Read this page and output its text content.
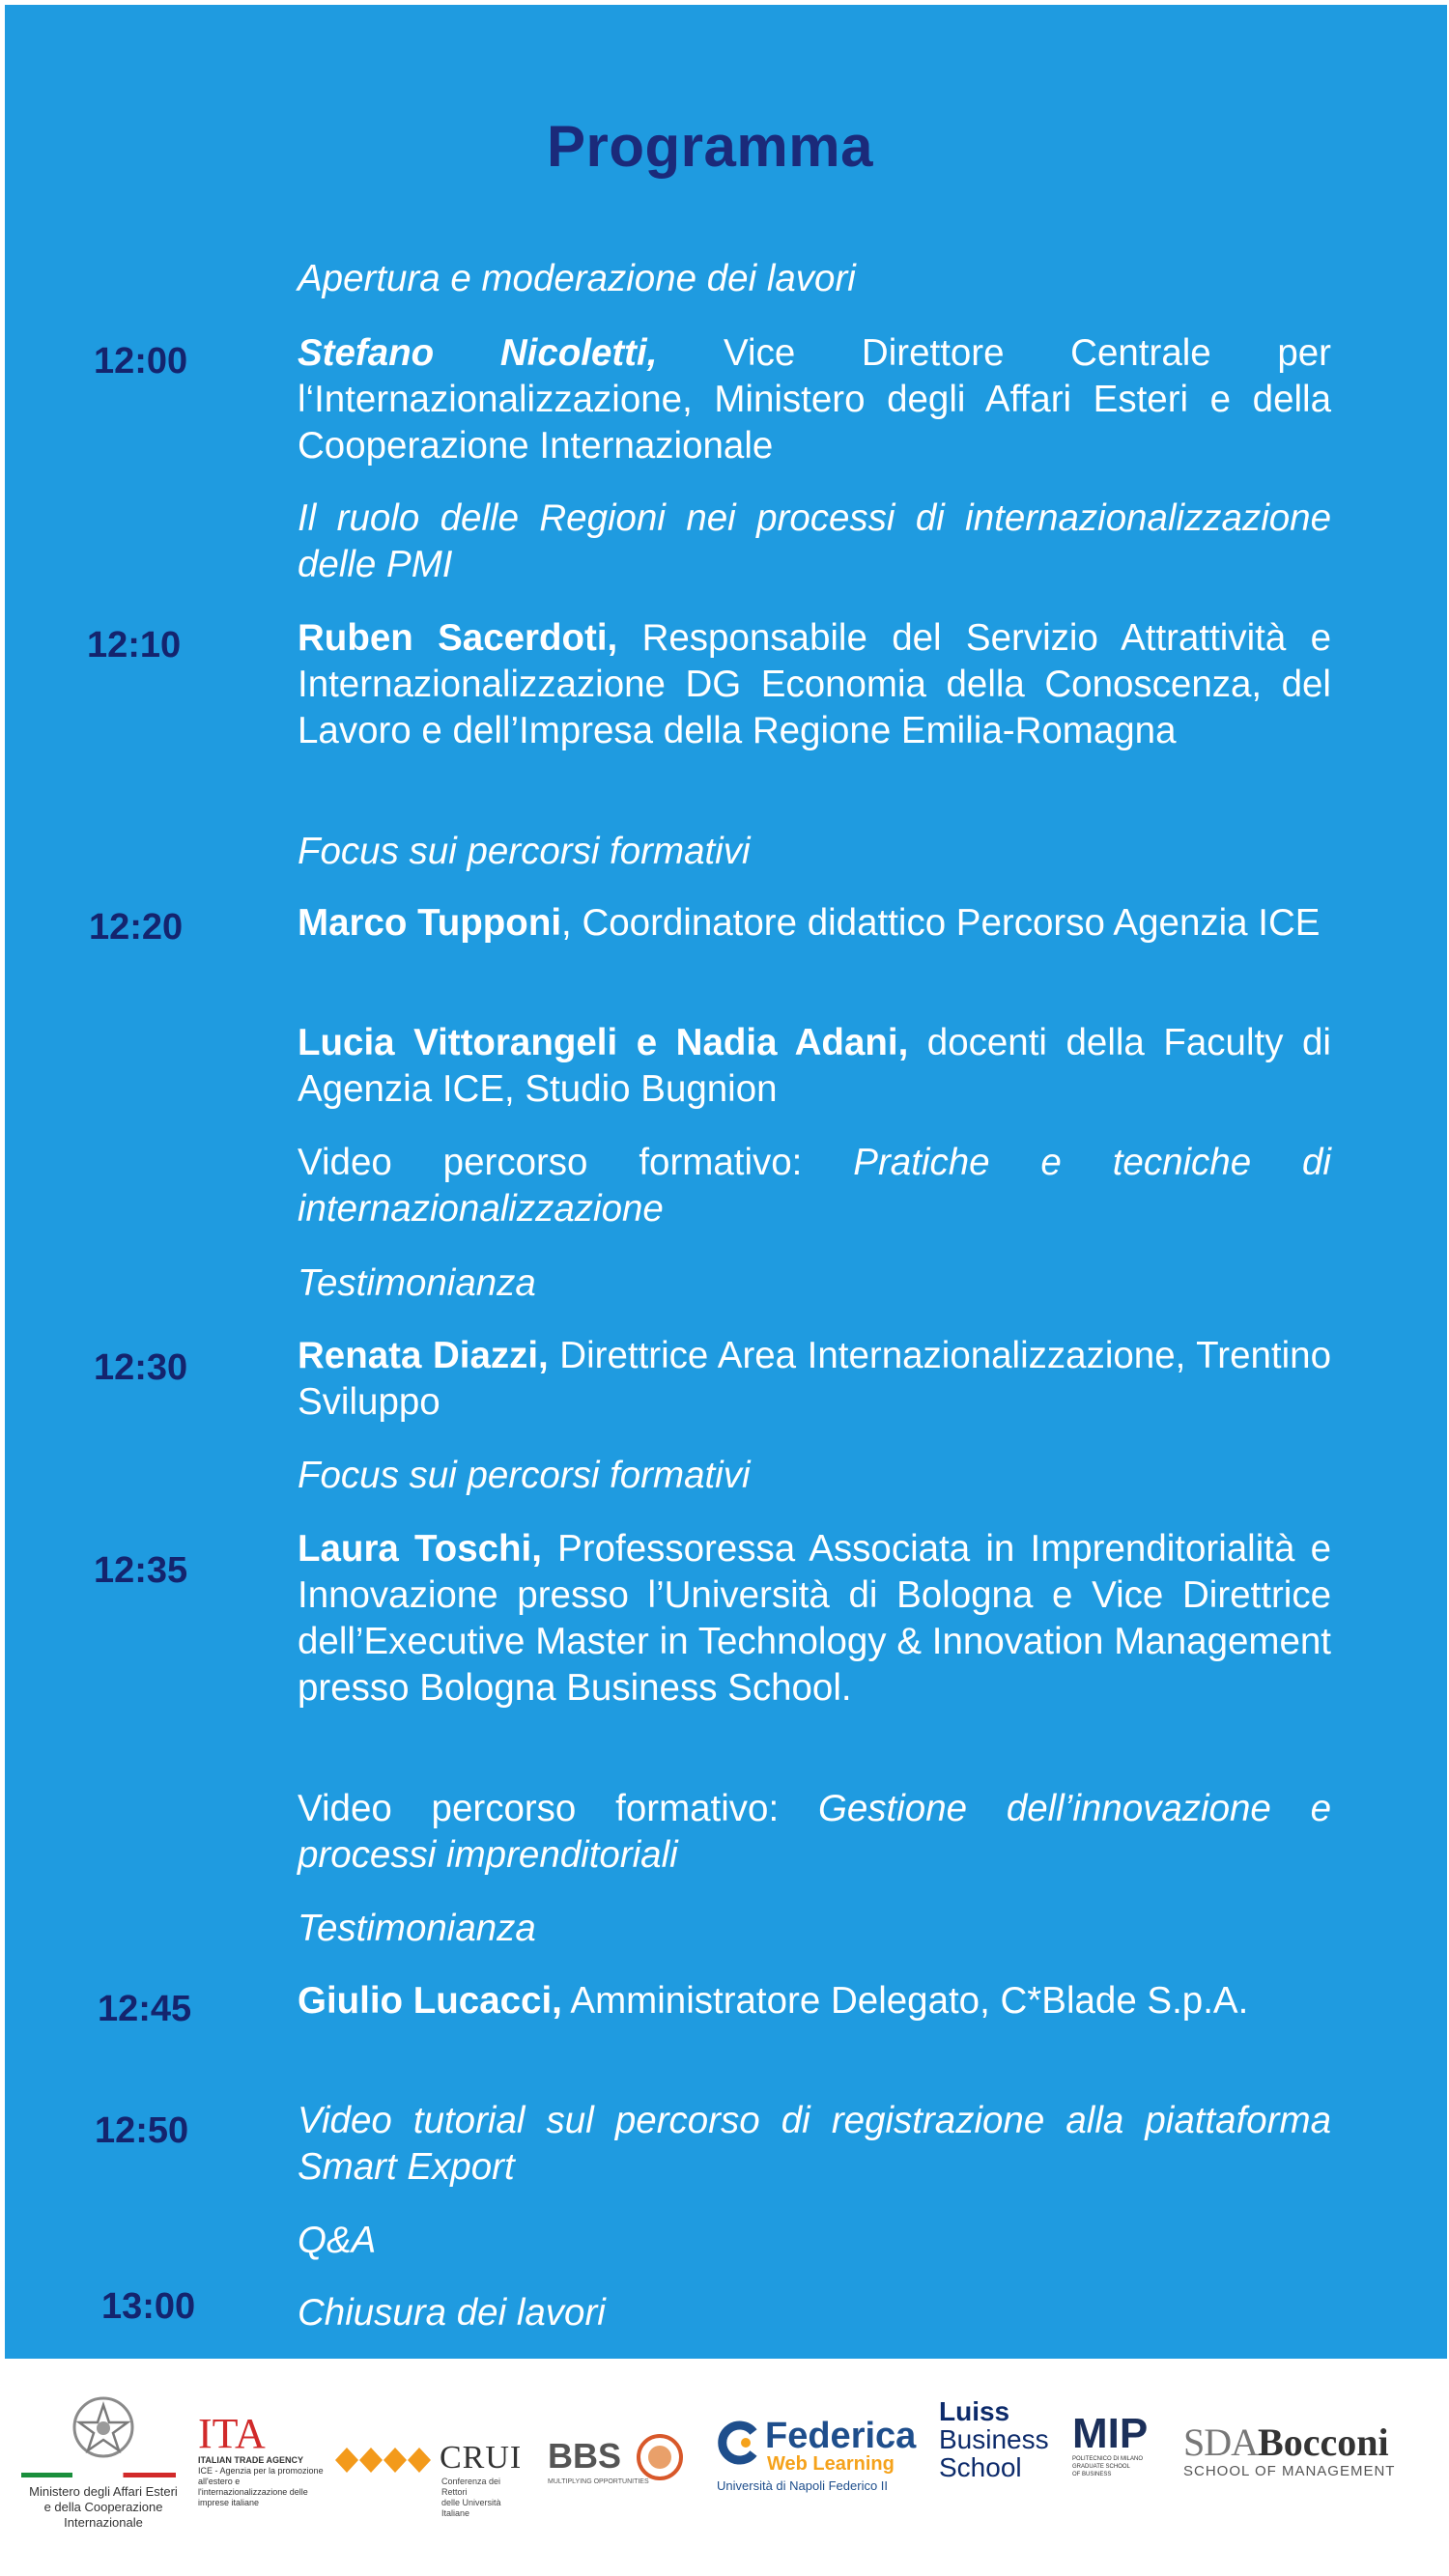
Programma
12:00
12:10
12:20
12:30
12:35
12:45
12:50
13:00

Apertura e moderazione dei lavori

Stefano Nicoletti, Vice Direttore Centrale per l‘Internazionalizzazione, Ministero degli Affari Esteri e della Cooperazione Internazionale

Il ruolo delle Regioni nei processi di internazionalizzazione delle PMI

Ruben Sacerdoti, Responsabile del Servizio Attrattività e Internazionalizzazione DG Economia della Conoscenza, del Lavoro e dell’Impresa della Regione Emilia-Romagna

Focus sui percorsi formativi

Marco Tupponi, Coordinatore didattico Percorso Agenzia ICE

Lucia Vittorangeli e Nadia Adani, docenti della Faculty di Agenzia ICE, Studio Bugnion

Video percorso formativo: Pratiche e tecniche di internazionalizzazione

Testimonianza

Renata Diazzi, Direttrice Area Internazionalizzazione, Trentino Sviluppo

Focus sui percorsi formativi

Laura Toschi, Professoressa Associata in Imprenditorialità e Innovazione presso l’Università di Bologna e Vice Direttrice dell’Executive Master in Technology & Innovation Management presso Bologna Business School.

Video percorso formativo: Gestione dell’innovazione e processi imprenditoriali

Testimonianza

Giulio Lucacci, Amministratore Delegato, C*Blade S.p.A.

Video tutorial sul percorso di registrazione alla piattaforma Smart Export

Q&A

Chiusura dei lavori

Ministero degli Affari Esteri
e della Cooperazione Internazionale
ITA
ITALIAN TRADE AGENCY
ICE - Agenzia per la promozione all'estero e
l'internazionalizzazione delle imprese italiane
CRUI
Conferenza dei Rettori
delle Università Italiane
BBS
MULTIPLYING OPPORTUNITIES
Federica
Web Learning
Università di Napoli Federico II
Luiss
Business
School
MIP
POLITECNICO DI MILANO
GRADUATE SCHOOL
OF BUSINESS
SDABocconi
SCHOOL OF MANAGEMENT
